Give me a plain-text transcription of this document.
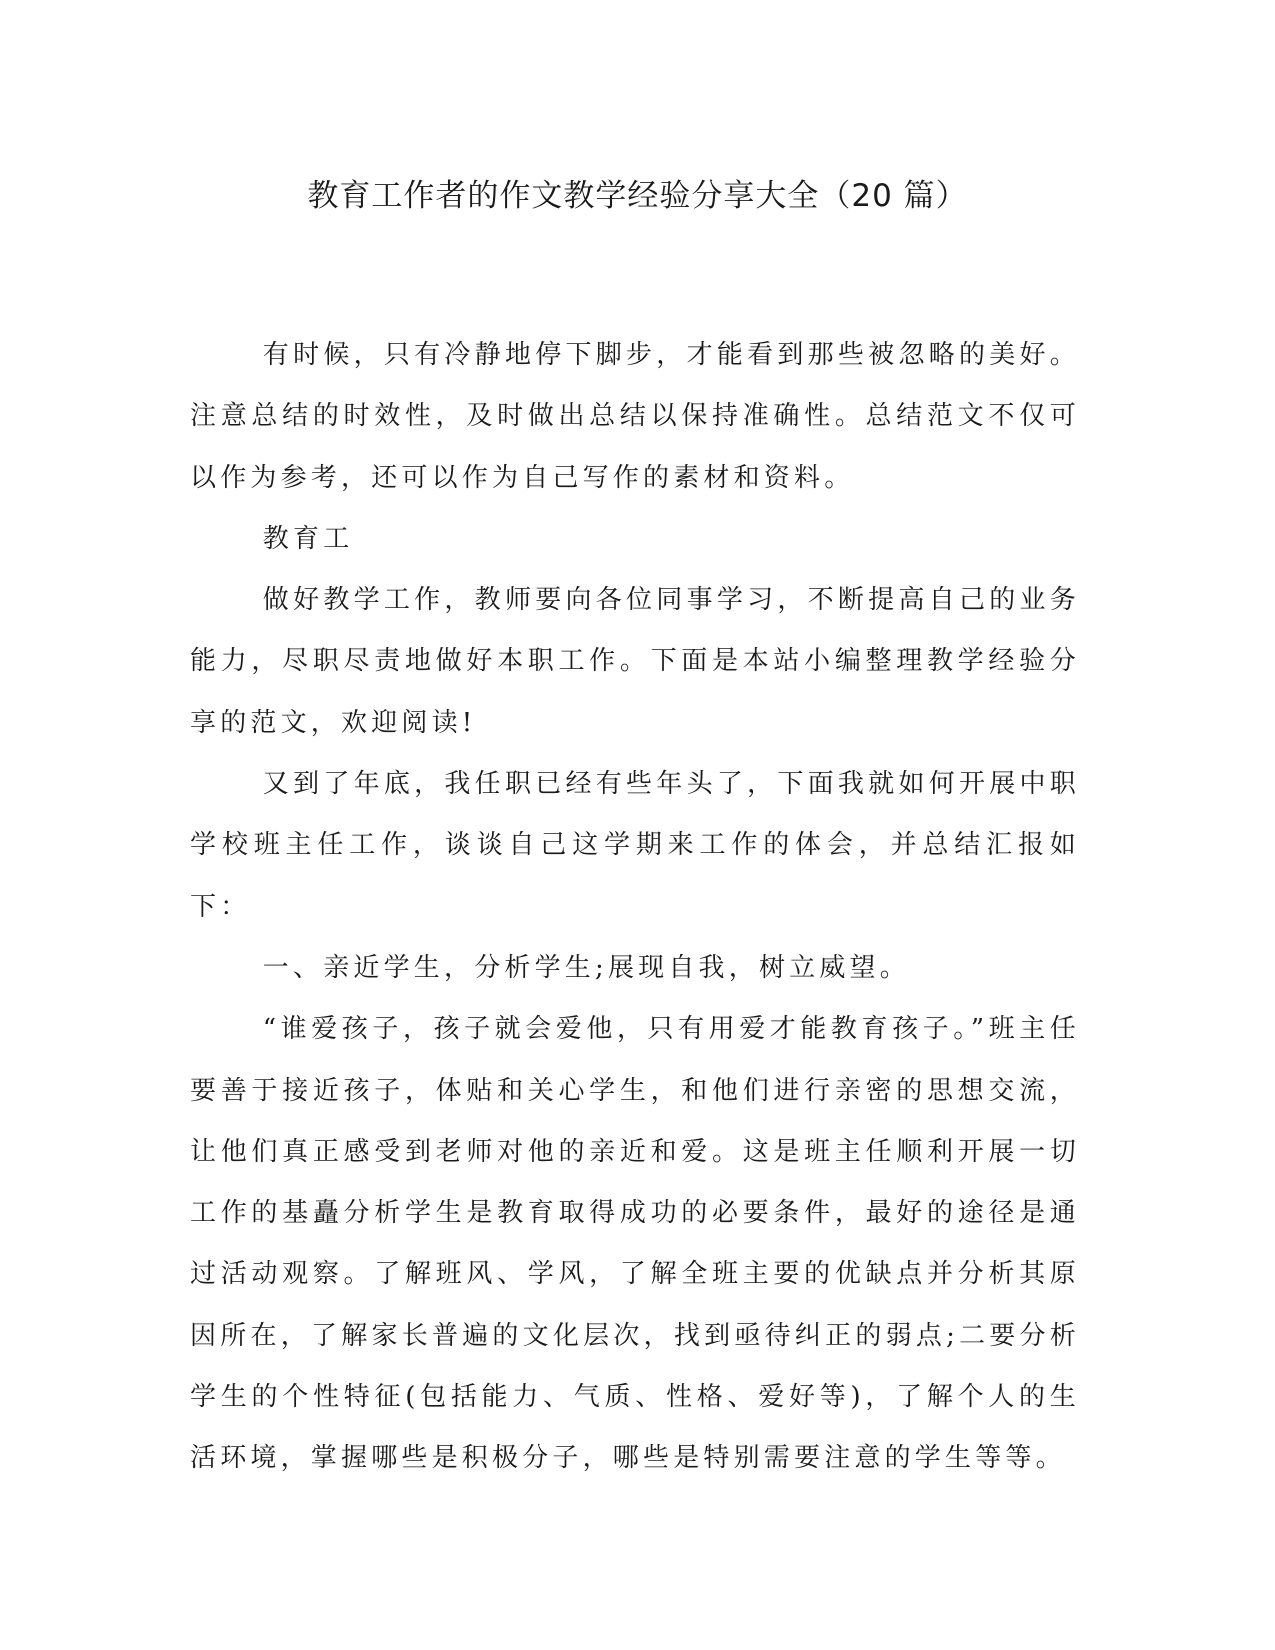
教育工作者的作文教学经验分享大全（20 篇）

有时候，只有冷静地停下脚步，才能看到那些被忽略的美好。注意总结的时效性，及时做出总结以保持准确性。总结范文不仅可以作为参考，还可以作为自己写作的素材和资料。

教育工

做好教学工作，教师要向各位同事学习，不断提高自己的业务能力，尽职尽责地做好本职工作。下面是本站小编整理教学经验分享的范文，欢迎阅读!

又到了年底，我任职已经有些年头了，下面我就如何开展中职学校班主任工作，谈谈自己这学期来工作的体会，并总结汇报如下：

一、亲近学生，分析学生;展现自我，树立威望。

“谁爱孩子，孩子就会爱他，只有用爱才能教育孩子。”班主任要善于接近孩子，体贴和关心学生，和他们进行亲密的思想交流，让他们真正感受到老师对他的亲近和爱。这是班主任顺利开展一切工作的基矗分析学生是教育取得成功的必要条件，最好的途径是通过活动观察。了解班风、学风，了解全班主要的优缺点并分析其原因所在，了解家长普遍的文化层次，找到亟待纠正的弱点;二要分析学生的个性特征(包括能力、气质、性格、爱好等)，了解个人的生活环境，掌握哪些是积极分子，哪些是特别需要注意的学生等等。
